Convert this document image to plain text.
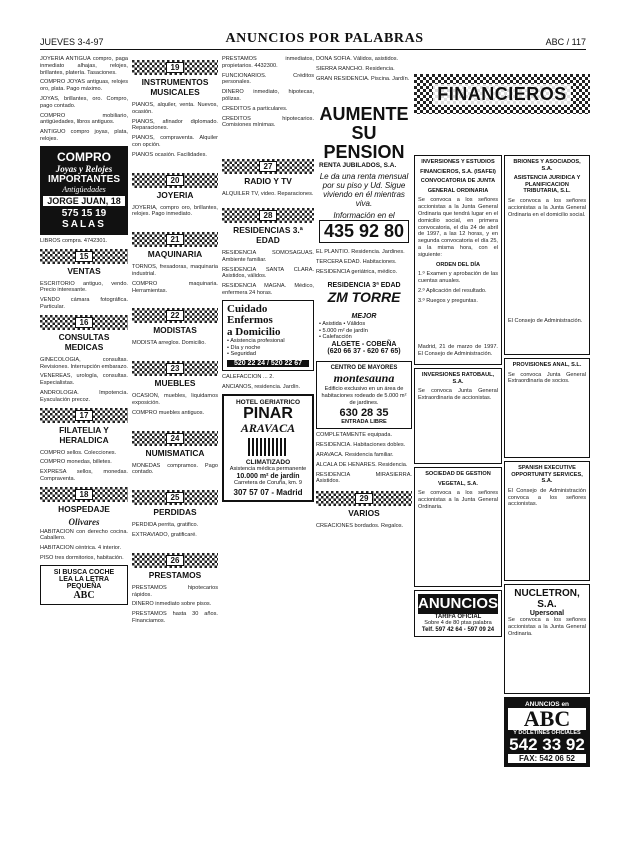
JUEVES 3-4-97	ANUNCIOS POR PALABRAS	ABC / 117

JOYERIA ANTIGUA compro, paga inmediato alhajas, relojes, brillantes, platería. Tasaciones.

COMPRO JOYAS antiguas, relojes oro, plata. Pago máximo.

JOYAS, brillantes, oro. Compro, pago contado.

COMPRO mobiliario, antigüedades, libros antiguos.

ANTIGUO compro joyas, plata, relojes.

COMPRO
Joyas y Relojes
IMPORTANTES
Antigüedades
JORGE JUAN, 18
575 15 19
SALAS

LIBROS compra. 4742301.

15
VENTAS

ESCRITORIO antiguo, vendo. Precio interesante.

VENDO cámara fotográfica. Particular.

16
CONSULTAS MEDICAS

GINECOLOGIA, consultas. Revisiones. Interrupción embarazo.

VENEREAS, urología, consultas. Especialistas.

ANDROLOGIA. Impotencia. Eyaculación precoz.

17
FILATELIA Y HERALDICA

COMPRO sellos. Colecciones.

COMPRO monedas, billetes.

EXPRESA sellos, monedas. Compraventa.

18
HOSPEDAJE

Olivares

HABITACION con derecho cocina. Caballero.

HABITACION céntrica. 4 interior.

PISO tres dormitorios, habitación.

SI BUSCA COCHE
LEA LA LETRA
PEQUEÑA
ABC
19
INSTRUMENTOS MUSICALES

PIANOS, alquiler, venta. Nuevos, ocasión.

PIANOS, afinador diplomado. Reparaciones.

PIANOS, compraventa. Alquiler con opción.

PIANOS ocasión. Facilidades.

20
JOYERIA

JOYERIA, compro oro, brillantes, relojes. Pago inmediato.

21
MAQUINARIA

TORNOS, fresadoras, maquinaria industrial.

COMPRO maquinaria. Herramientas.

22
MODISTAS

MODISTA arreglos. Domicilio.

23
MUEBLES

OCASION, muebles, liquidamos exposición.

COMPRO muebles antiguos.

24
NUMISMATICA

MONEDAS compramos. Pago contado.

25
PERDIDAS

PERDIDA perrita, gratifico.

EXTRAVIADO, gratificaré.

26
PRESTAMOS

PRESTAMOS hipotecarios rápidos.

DINERO inmediato sobre pisos.

PRESTAMOS hasta 30 años. Financiamos.

PRESTAMOS inmediatos, propietarios. 4432300.

FUNCIONARIOS. Créditos personales.

DINERO inmediato, hipotecas, pólizas.

CREDITOS a particulares.

CREDITOS hipotecarios. Comisiones mínimas.

27
RADIO Y TV

ALQUILER TV, video. Reparaciones.

28
RESIDENCIAS 3.ª EDAD

RESIDENCIA SOMOSAGUAS. Ambiente familiar.

RESIDENCIA SANTA CLARA. Asistidos, válidos.

RESIDENCIA MAGNA. Médico, enfermera 24 horas.

Cuidado
Enfermos
a Domicilio
• Asistencia profesional
• Día y noche
• Seguridad
520 22 24 / 520 22 67

CALEFACCION ... 2.

ANCIANOS, residencia. Jardín.

HOTEL GERIATRICO
PINAR
ARAVACA
CLIMATIZADO
Asistencia médica permanente
10.000 m² de jardín
Carretera de Coruña, km. 9
307 57 07 - Madrid

DOÑA SOFIA. Válidos, asistidos.

SIERRA RANCHO. Residencia.

GRAN RESIDENCIA. Piscina. Jardín.

AUMENTE
SU
PENSION
RENTA JUBILADOS, S.A.
Le da una renta mensual por su piso y Ud. Sigue viviendo en él mientras viva.
Información en el
435 92 80

EL PLANTIO. Residencia. Jardines.

TERCERA EDAD. Habitaciones.

RESIDENCIA geriátrica, médico.

RESIDENCIA 3ª EDAD
ZM TORRE MEJOR
• Asistida • Válidos
• 5.000 m² de jardín
• Calefacción
ALGETE - COBEÑA
(620 66 37 - 620 67 65)
CENTRO DE MAYORES
montesauna
Edificio exclusivo en un área de habitaciones rodeado de 5.000 m² de jardines.
630 28 35
ENTRADA LIBRE

COMPLETAMENTE equipada.

RESIDENCIA. Habitaciones dobles.

ARAVACA. Residencia familiar.

ALCALA DE HENARES. Residencia.

RESIDENCIA MIRASIERRA. Asistidos.

29
VARIOS

CREACIONES bordados. Regalos.

INVERSIONES Y ESTUDIOS
FINANCIEROS, S.A. (ISAFEI)
CONVOCATORIA DE JUNTA
GENERAL ORDINARIA

Se convoca a los señores accionistas a la Junta General Ordinaria que tendrá lugar en el domicilio social, en primera convocatoria, el día 24 de abril de 1997, a las 12 horas, y en segunda convocatoria el día 25, a la misma hora, con el siguiente:

ORDEN DEL DÍA

1.º Examen y aprobación de las cuentas anuales.

2.º Aplicación del resultado.

3.º Ruegos y preguntas.

Madrid, 21 de marzo de 1997. El Consejo de Administración.

INVERSIONES RATOBAUL, S.A.

Se convoca Junta General Extraordinaria de accionistas.

SOCIEDAD DE GESTION
VEGETAL, S.A.

Se convoca a los señores accionistas a la Junta General Ordinaria.

ANUNCIOS
TARIFA OFICIAL
Sobre 4 de 80 ptas palabra
Telf. 597 42 64 - 597 09 24
BRIONES Y ASOCIADOS, S.A.
ASISTENCIA JURIDICA Y PLANIFICACION TRIBUTARIA, S.L.

Se convoca a los señores accionistas a la Junta General Ordinaria en el domicilio social.

El Consejo de Administración.

PROVISIONES ANAL, S.L.

Se convoca Junta General Extraordinaria de socios.

SPANISH EXECUTIVE OPPORTUNITY SERVICES, S.A.

El Consejo de Administración convoca a los señores accionistas.

NUCLETRON, S.A.
Upersonal

Se convoca a los señores accionistas a la Junta General Ordinaria.

ANUNCIOS en
ABC
Y DOLETINES OFICIALES
542 33 92
FAX: 542 06 52
FINANCIEROS
